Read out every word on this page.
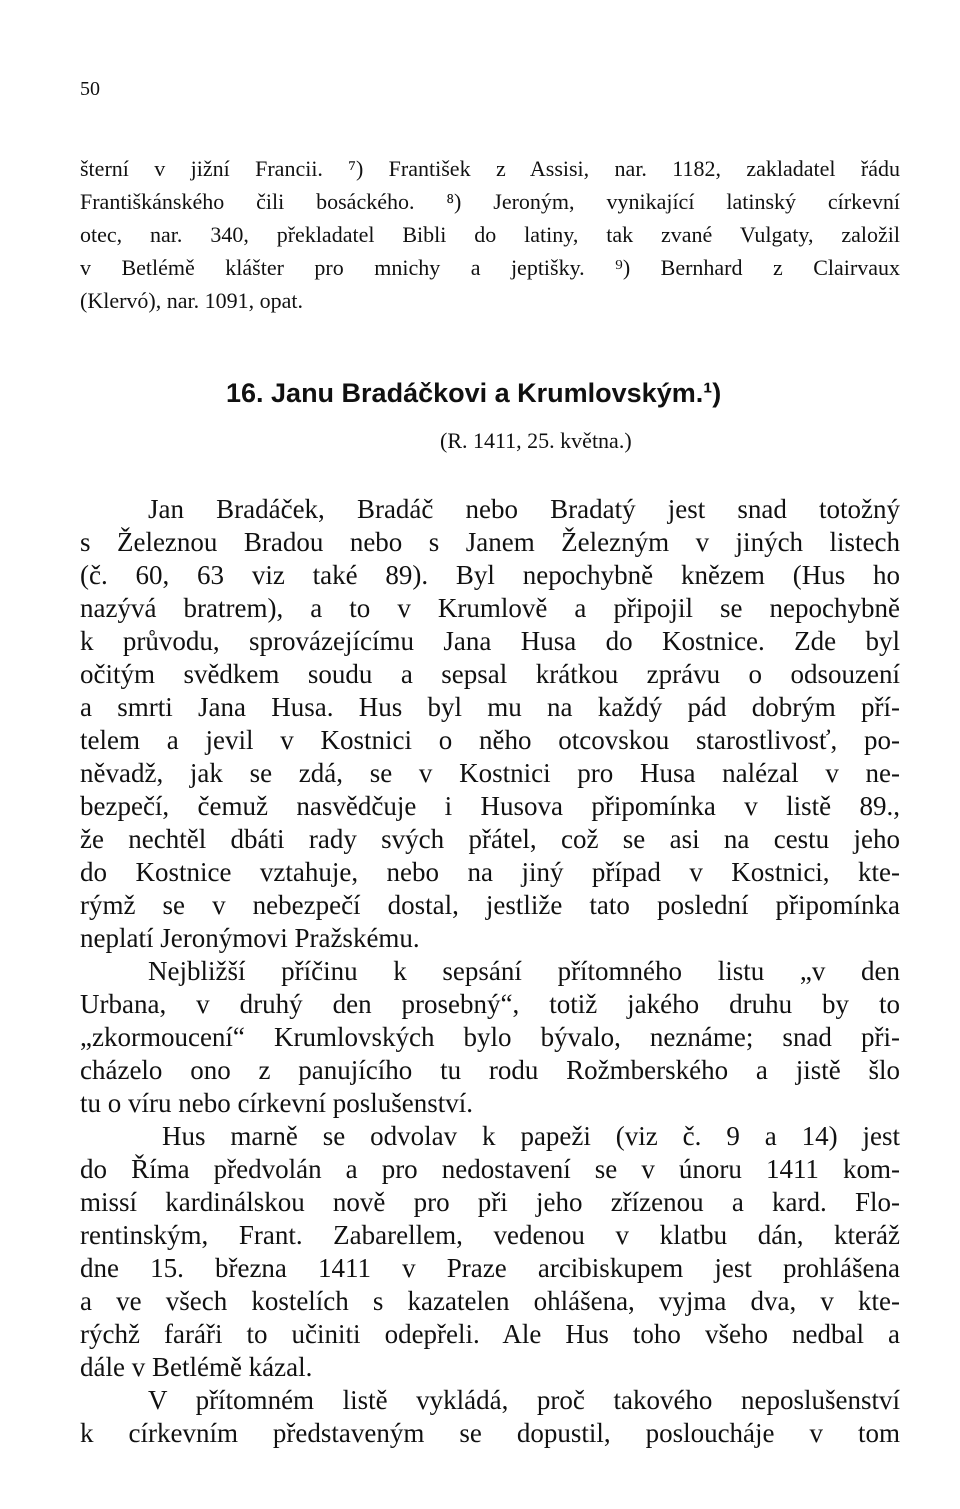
50
šterní v jižní Francii. ⁷) František z Assisi, nar. 1182, zakladatel řádu
Františkánského čili bosáckého. ⁸) Jeroným, vynikající latinský církevní
otec, nar. 340, překladatel Bibli do latiny, tak zvané Vulgaty, založil
v Betlémě klášter pro mnichy a jeptišky. ⁹) Bernhard z Clairvaux
(Klervó), nar. 1091, opat.
16. Janu Bradáčkovi a Krumlovským.¹)
(R. 1411, 25. května.)
Jan Bradáček, Bradáč nebo Bradatý jest snad totožný
s Železnou Bradou nebo s Janem Železným v jiných listech
(č. 60, 63 viz také 89). Byl nepochybně knězem (Hus ho
nazývá bratrem), a to v Krumlově a připojil se nepochybně
k průvodu, sprovázejícímu Jana Husa do Kostnice. Zde byl
očitým svědkem soudu a sepsal krátkou zprávu o odsouzení
a smrti Jana Husa. Hus byl mu na každý pád dobrým pří-
telem a jevil v Kostnici o něho otcovskou starostlivosť, po-
něvadž, jak se zdá, se v Kostnici pro Husa nalézal v ne-
bezpečí, čemuž nasvědčuje i Husova připomínka v listě 89.,
že nechtěl dbáti rady svých přátel, což se asi na cestu jeho
do Kostnice vztahuje, nebo na jiný případ v Kostnici, kte-
rýmž se v nebezpečí dostal, jestliže tato poslední připomínka
neplatí Jeronýmovi Pražskému.
Nejbližší příčinu k sepsání přítomného listu „v den
Urbana, v druhý den prosebný“, totiž jakého druhu by to
„zkormoucení“ Krumlovských bylo bývalo, neznáme; snad při-
cházelo ono z panujícího tu rodu Rožmberského a jistě šlo
tu o víru nebo církevní poslušenství.
Hus marně se odvolav k papeži (viz č. 9 a 14) jest
do Říma předvolán a pro nedostavení se v únoru 1411 kom-
missí kardinálskou nově pro při jeho zřízenou a kard. Flo-
rentinským, Frant. Zabarellem, vedenou v klatbu dán, kteráž
dne 15. března 1411 v Praze arcibiskupem jest prohlášena
a ve všech kostelích s kazatelen ohlášena, vyjma dva, v kte-
rýchž faráři to učiniti odepřeli. Ale Hus toho všeho nedbal a
dále v Betlémě kázal.
V přítomném listě vykládá, proč takového neposlušenství
k církevním představeným se dopustil, posloucháje v tom
